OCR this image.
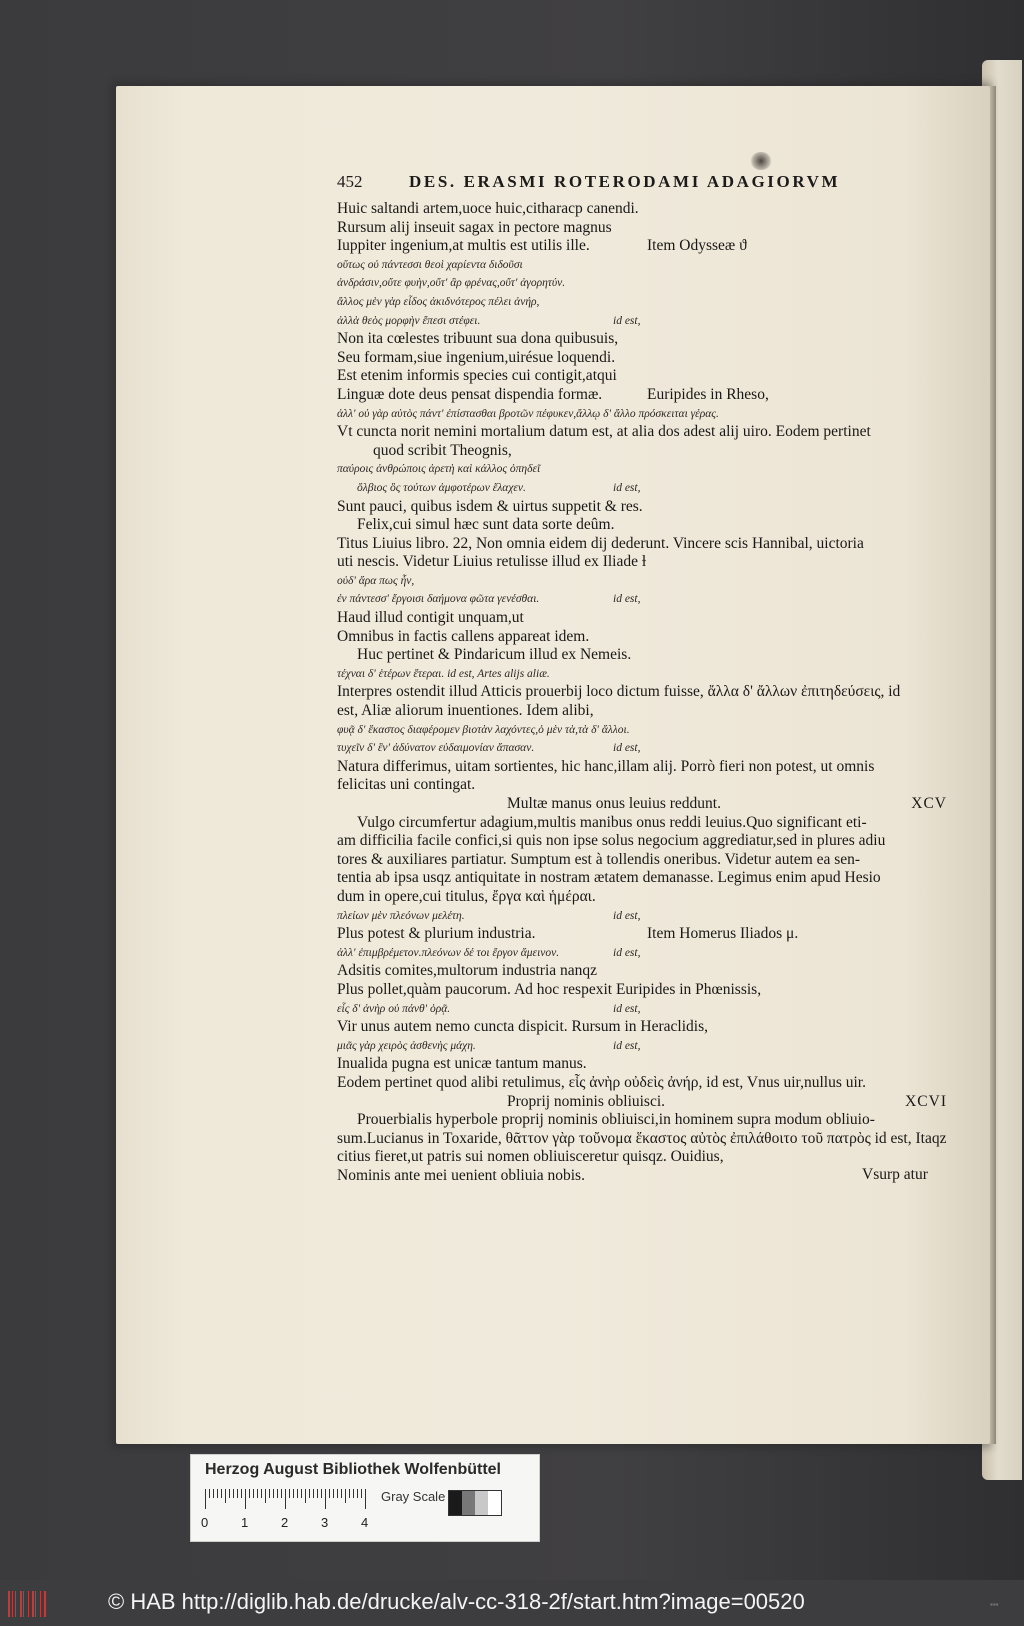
452	DES. ERASMI ROTERODAMI ADAGIORVM
Huic saltandi artem,uoce huic,citharacp canendi.
Rursum alij inseuit sagax in pectore magnus
Iuppiter ingenium,at multis est utilis ille.	Item Odysseæ ϑ
οὕτως οὐ πάντεσσι θεοὶ χαρίεντα διδοῦσι
ἀνδράσιν,οὔτε φυὴν,οὔτ' ἂρ φρένας,οὔτ' ἀγορητύν.
ἄλλος μὲν γὰρ εἶδος ἀκιδνότερος πέλει ἀνήρ,
ἀλλὰ θεὸς μορφὴν ἔπεσι στέφει.	id est,
Non ita cœlestes tribuunt sua dona quibusuis,
Seu formam,siue ingenium,uirésue loquendi.
Est etenim informis species cui contigit,atqui
Linguæ dote deus pensat dispendia formæ.	Euripides in Rheso,
ἀλλ' οὐ γὰρ αὑτὸς πάντ' ἐπίστασθαι βροτῶν πέφυκεν,ἄλλῳ δ' ἄλλο πρόσκειται γέρας.
Vt cuncta norit nemini mortalium datum est, at alia dos adest alij uiro. Eodem pertinet
quod scribit Theognis,
παύροις ἀνθρώποις ἀρετὴ καὶ κάλλος ὀπηδεῖ
ὄλβιος ὃς τούτων ἀμφοτέρων ἔλαχεν.	id est,
Sunt pauci, quibus isdem & uirtus suppetit & res.
Felix,cui simul hæc sunt data sorte deûm.
Titus Liuius libro. 22, Non omnia eidem dij dederunt. Vincere scis Hannibal, uictoria
uti nescis. Videtur Liuius retulisse illud ex Iliade ɫ
οὐδ' ἄρα πως ἦν,
ἐν πάντεσσ' ἔργοισι δαήμονα φῶτα γενέσθαι.	id est,
Haud illud contigit unquam,ut
Omnibus in factis callens appareat idem.
Huc pertinet & Pindaricum illud ex Nemeis.
τέχναι δ' ἑτέρων ἕτεραι. id est, Artes alijs aliæ.
Interpres ostendit illud Atticis prouerbij loco dictum fuisse, ἄλλα δ' ἄλλων ἐπιτηδεύσεις, id
est, Aliæ aliorum inuentiones. Idem alibi,
φυᾷ δ' ἕκαστος διαφέρομεν βιοτὰν λαχόντες,ὁ μὲν τὰ,τὰ δ' ἄλλοι.
τυχεῖν δ' ἓν' ἀδύνατον εὐδαιμονίαν ἅπασαν.	id est,
Natura differimus, uitam sortientes, hic hanc,illam alij. Porrò fieri non potest, ut omnis
felicitas uni contingat.
Multæ manus onus leuius reddunt.	XCV
Vulgo circumfertur adagium,multis manibus onus reddi leuius.Quo significant eti-
am difficilia facile confici,si quis non ipse solus negocium aggrediatur,sed in plures adiu
tores & auxiliares partiatur. Sumptum est à tollendis oneribus. Videtur autem ea sen-
tentia ab ipsa usqz antiquitate in nostram ætatem demanasse. Legimus enim apud Hesio
dum in opere,cui titulus, ἔργα καὶ ἡμέραι.
πλείων μὲν πλεόνων μελέτη.	id est,
Plus potest & plurium industria.	Item Homerus Iliados μ.
ἀλλ' ἐπιμβρέμετον.πλεόνων δέ τοι ἔργον ἄμεινον.	id est,
Adsitis comites,multorum industria nanqz
Plus pollet,quàm paucorum. Ad hoc respexit Euripides in Phœnissis,
εἷς δ' ἀνὴρ οὐ πάνθ' ὁρᾷ.	id est,
Vir unus autem nemo cuncta dispicit. Rursum in Heraclidis,
μιᾶς γὰρ χειρὸς ἀσθενὴς μάχη.	id est,
Inualida pugna est unicæ tantum manus.
Eodem pertinet quod alibi retulimus, εἷς ἀνὴρ οὐδεὶς ἀνήρ, id est, Vnus uir,nullus uir.
Proprij nominis obliuisci.	XCVI
Prouerbialis hyperbole proprij nominis obliuisci,in hominem supra modum obliuio-
sum.Lucianus in Toxaride, θᾶττον γὰρ τοὔνομα ἕκαστος αὐτὸς ἐπιλάθοιτο τοῦ πατρὸς id est, Itaqz
citius fieret,ut patris sui nomen obliuisceretur quisqz. Ouidius,
Nominis ante mei uenient obliuia nobis.	Vsurp atur
Herzog August Bibliothek Wolfenbüttel
0	1	2	3	4
Gray Scale
© HAB http://diglib.hab.de/drucke/alv-cc-318-2f/start.htm?image=00520	▪▪▪
